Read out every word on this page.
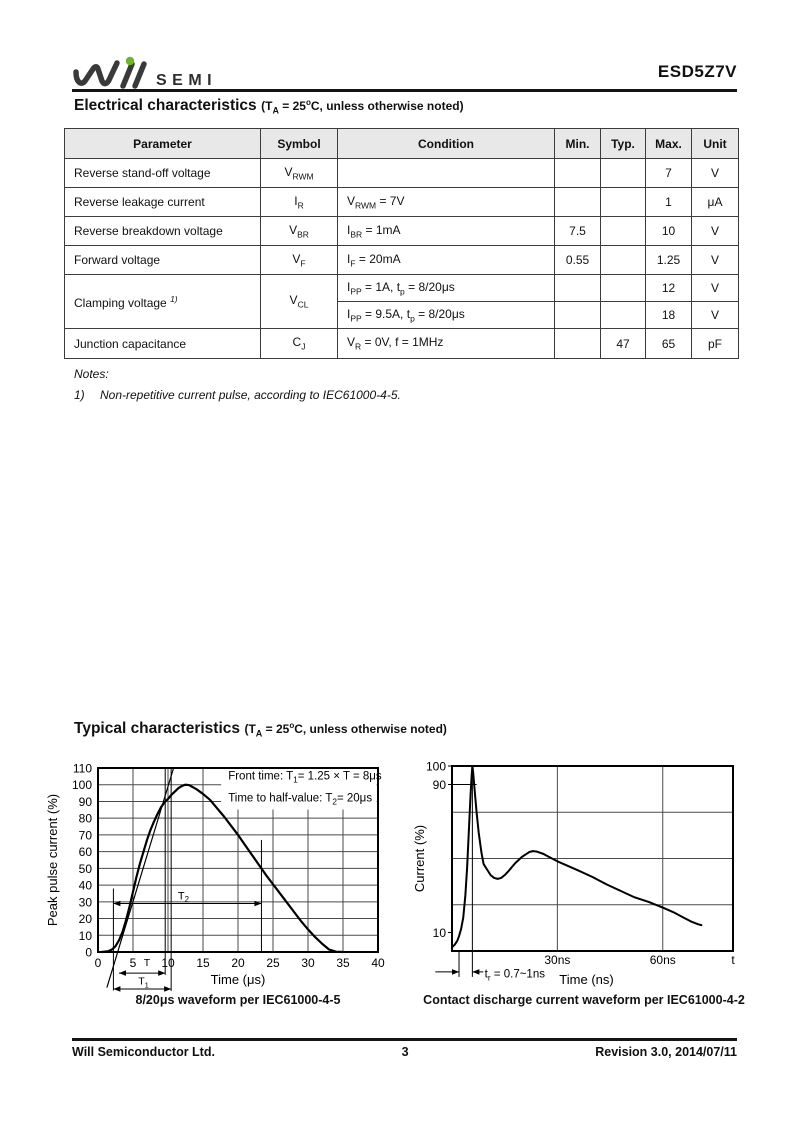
SEMI	ESD5Z7V
Electrical characteristics ($T_A = 25^oC$, unless otherwise noted)
Parameter	Symbol	Condition	Min.	Typ.	Max.	Unit
Reverse stand-off voltage	$V_{RWM}$				7	V
Reverse leakage current	$I_R$	$V_{RWM} = 7V$			1	μA
Reverse breakdown voltage	$V_{BR}$	$I_{BR} = 1mA$	7.5		10	V
Forward voltage	$V_F$	$I_F = 20mA$	0.55		1.25	V
Clamping voltage $^{1)}$	$V_{CL}$	$I_{PP} = 1A$, $t_p = 8/20\mu s$			12	V
		$I_{PP} = 9.5A$, $t_p = 8/20\mu s$			18	V
Junction capacitance	$C_J$	$V_R = 0V$, f = 1MHz		47	65	pF
Notes:
1) Non-repetitive current pulse, according to IEC61000-4-5.
Typical characteristics ($T_A = 25^oC$, unless otherwise noted)
0 5 10 15 20 25 30 35 40
0
10
20
30
40
50
60
70
80
90
100
110
Front time: $T_1= 1.25 \times T = 8\mu s$
Time to half-value: $T_2= 20\mu s$
$T_2$
T
$T_1$	Time (μs)
Peak pulse current (%)
30ns	60ns	t
100
90
10
$t_r$ = 0.7~1ns Time (ns)
Current (%)
8/20μs waveform per IEC61000-4-5	Contact discharge current waveform per IEC61000-4-2
Will Semiconductor Ltd.	3	Revision 3.0, 2014/07/11
